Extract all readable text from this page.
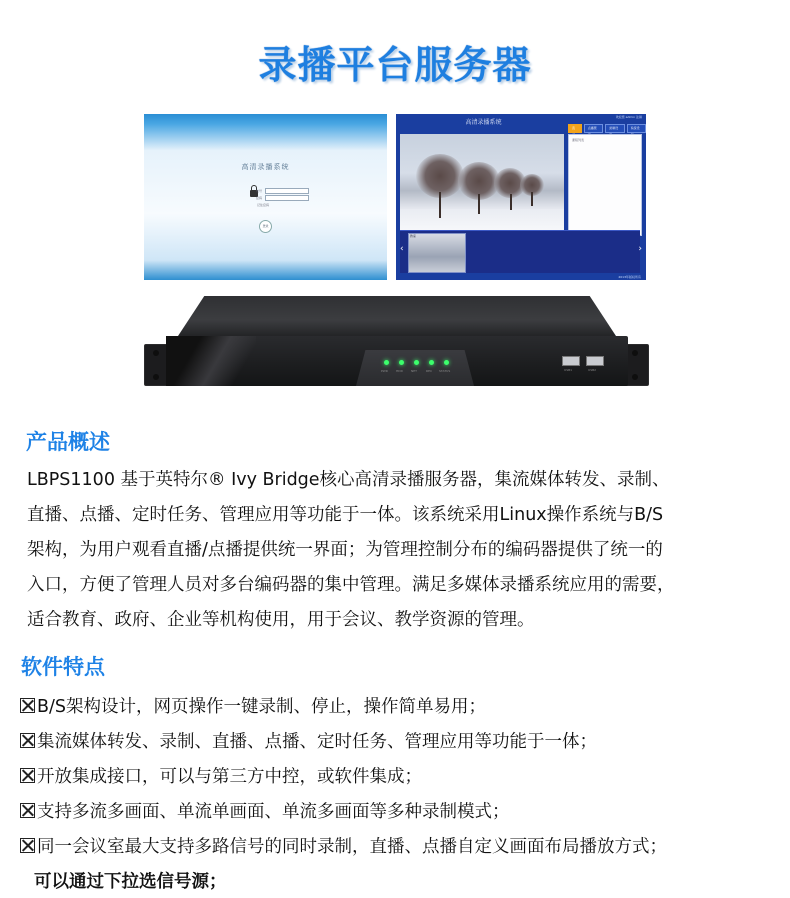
录播平台服务器
高清录播系统
帐号
密码
记住密码
登录
高清录播系统
欢迎您 admin 注销
直	点播管	录制设	系统设
课程列表
教室
‹	›
2013年版权所有
PWR	HDD	NET	REC STATUS	USB1	USB2
产品概述
LBPS1100 基于英特尔® Ivy Bridge核心高清录播服务器，集流媒体转发、录制、
直播、点播、定时任务、管理应用等功能于一体。该系统采用Linux操作系统与B/S
架构，为用户观看直播/点播提供统一界面；为管理控制分布的编码器提供了统一的
入口，方便了管理人员对多台编码器的集中管理。满足多媒体录播系统应用的需要，
适合教育、政府、企业等机构使用，用于会议、教学资源的管理。
软件特点
B/S架构设计，网页操作一键录制、停止，操作简单易用；
集流媒体转发、录制、直播、点播、定时任务、管理应用等功能于一体；
开放集成接口，可以与第三方中控，或软件集成；
支持多流多画面、单流单画面、单流多画面等多种录制模式；
同一会议室最大支持多路信号的同时录制，直播、点播自定义画面布局播放方式；
可以通过下拉选信号源；
